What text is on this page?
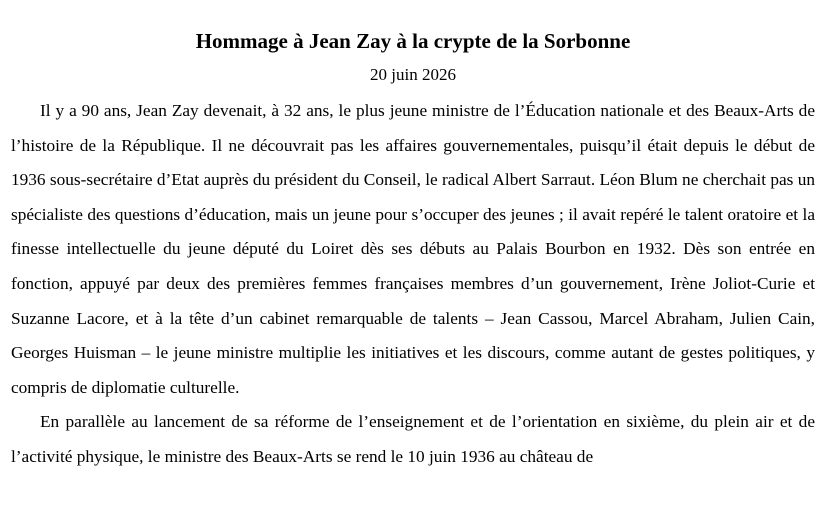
Hommage à Jean Zay à la crypte de la Sorbonne
20 juin 2026

Il y a 90 ans, Jean Zay devenait, à 32 ans, le plus jeune ministre de l’Éducation nationale et des Beaux-Arts de l’histoire de la République. Il ne découvrait pas les affaires gouvernementales, puisqu’il était depuis le début de 1936 sous-secrétaire d’Etat auprès du président du Conseil, le radical Albert Sarraut. Léon Blum ne cherchait pas un spécialiste des questions d’éducation, mais un jeune pour s’occuper des jeunes ; il avait repéré le talent oratoire et la finesse intellectuelle du jeune député du Loiret dès ses débuts au Palais Bourbon en 1932. Dès son entrée en fonction, appuyé par deux des premières femmes françaises membres d’un gouvernement, Irène Joliot-Curie et Suzanne Lacore, et à la tête d’un cabinet remarquable de talents – Jean Cassou, Marcel Abraham, Julien Cain, Georges Huisman – le jeune ministre multiplie les initiatives et les discours, comme autant de gestes politiques, y compris de diplomatie culturelle.

En parallèle au lancement de sa réforme de l’enseignement et de l’orientation en sixième, du plein air et de l’activité physique, le ministre des Beaux-Arts se rend le 10 juin 1936 au château de
